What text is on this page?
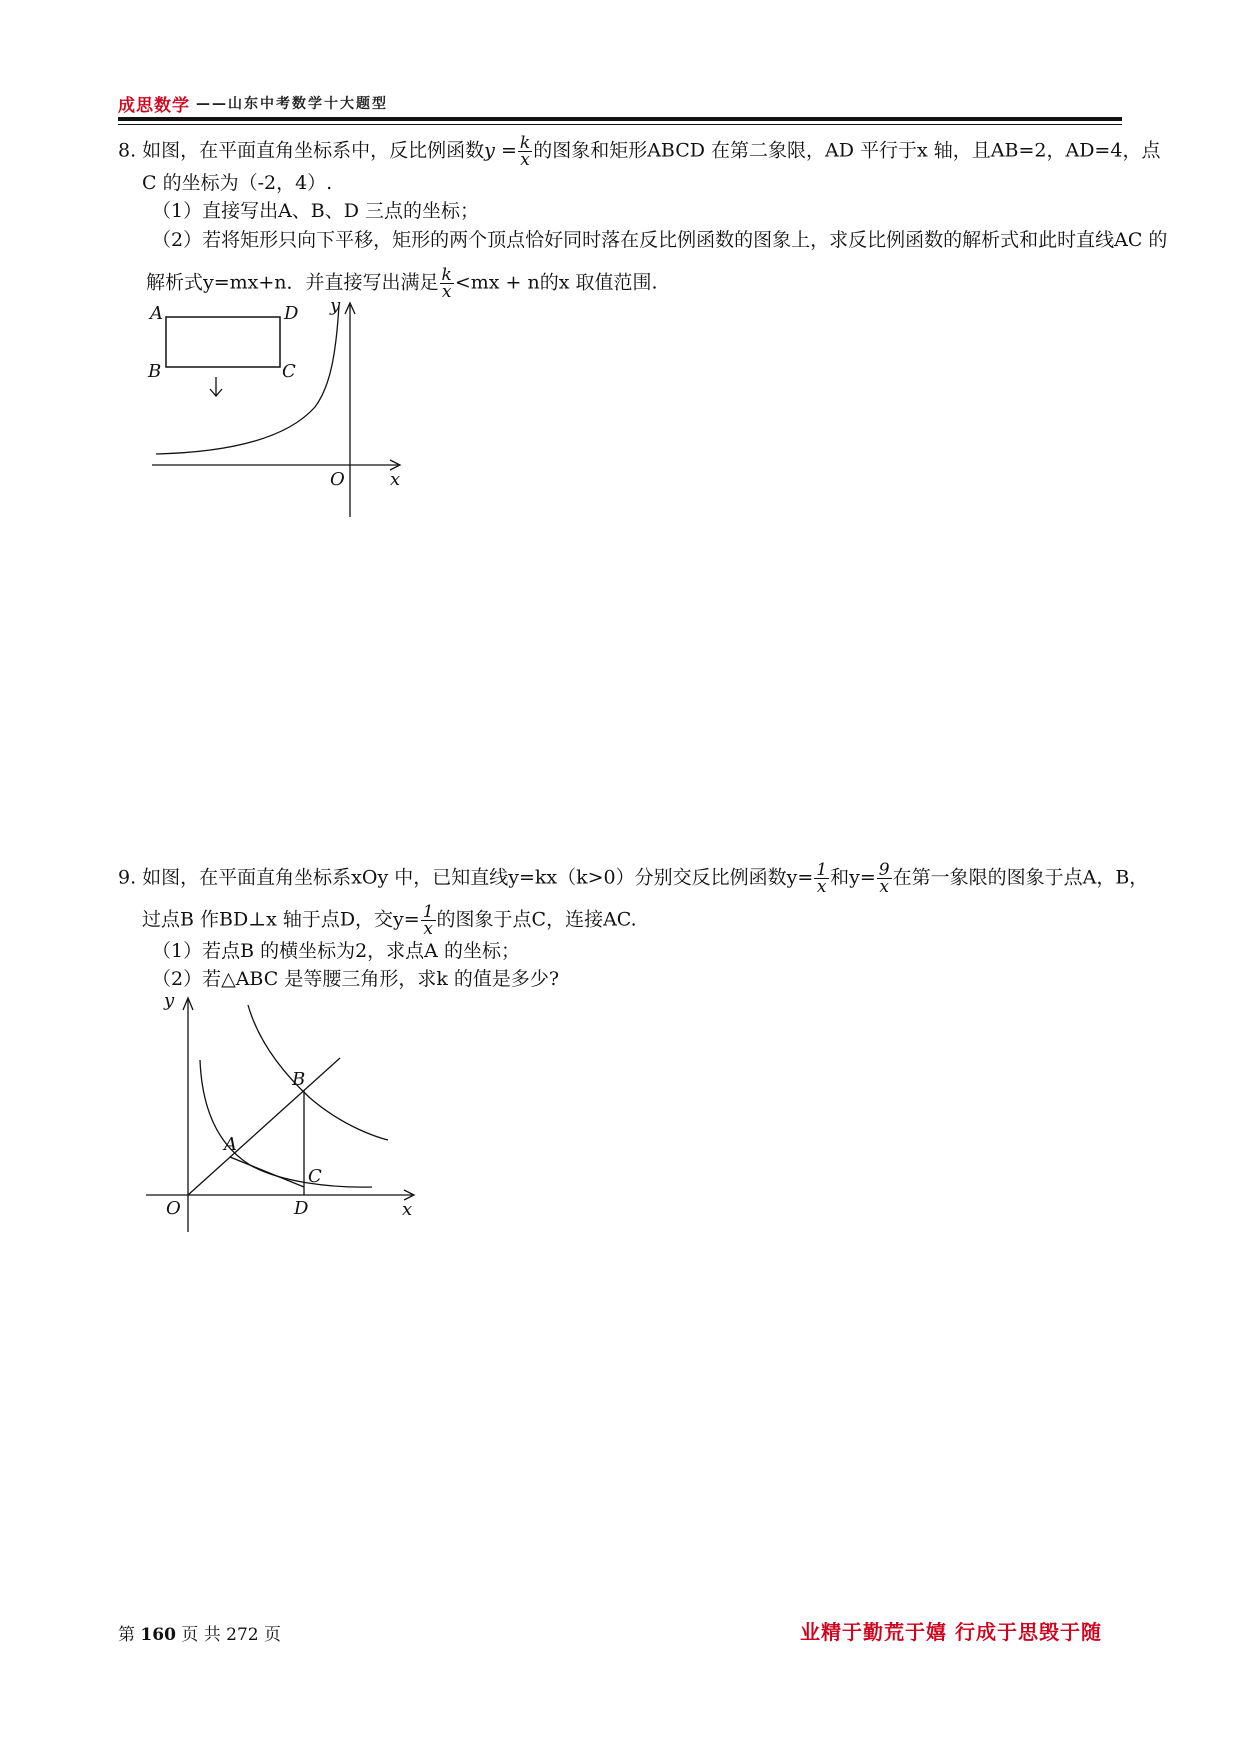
成思数学 ——山东中考数学十大题型
8. 如图，在平面直角坐标系中，反比例函数$y = \frac{k}{x}$ 的图象和矩形ABCD 在第二象限，AD 平行于x 轴，且AB=2，AD=4，点
C 的坐标为（-2，4）.
（1）直接写出A、B、D 三点的坐标；
（2）若将矩形只向下平移，矩形的两个顶点恰好同时落在反比例函数的图象上，求反比例函数的解析式和此时直线AC 的
解析式y=mx+n．并直接写出满足 $\frac{k}{x} <mx + n$的x 取值范围.
A	D
B	C
O	x
y
9. 如图，在平面直角坐标系xOy 中，已知直线y=kx（k>0）分别交反比例函数$y= \frac{1}{x}$ 和$y= \frac{9}{x}$ 在第一象限的图象于点A，B，
过点B 作BD⊥x 轴于点D，交$y= \frac{1}{x}$ 的图象于点C，连接AC.
（1）若点B 的横坐标为2，求点A 的坐标；
（2）若△ABC 是等腰三角形，求k 的值是多少?
B
A
C
D
O	x
y
第 160 页 共 272 页	业精于勤荒于嬉 行成于思毁于随
